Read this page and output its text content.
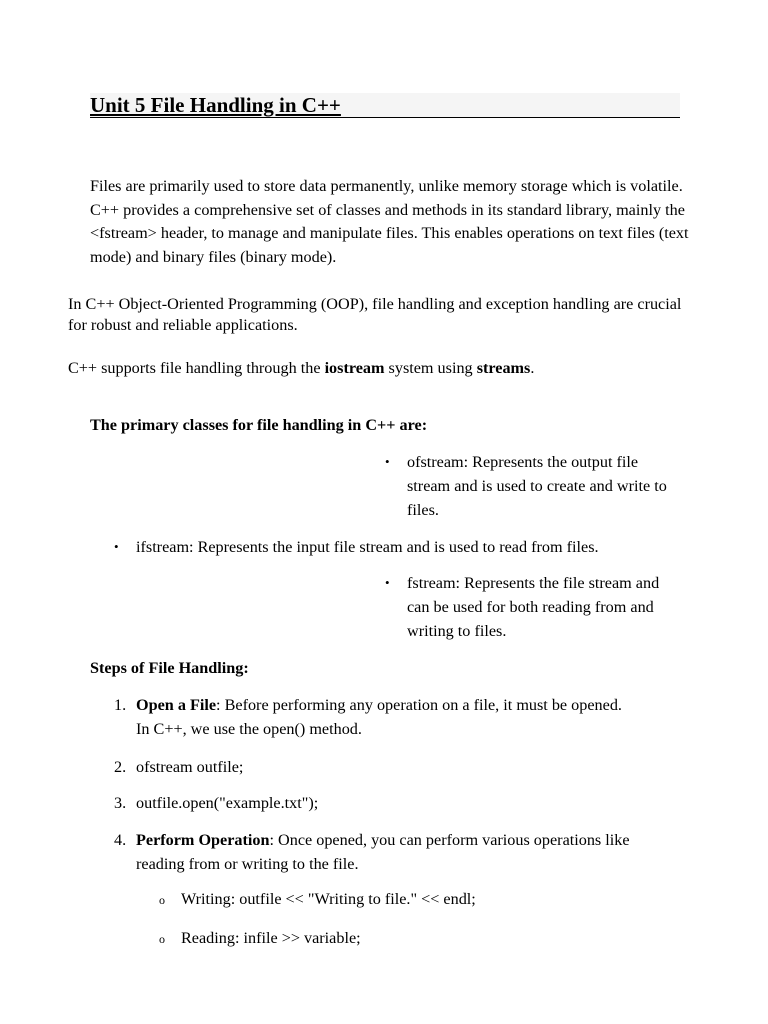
Unit 5 File Handling in C++

Files are primarily used to store data permanently, unlike memory storage which is volatile. C++ provides a comprehensive set of classes and methods in its standard library, mainly the <fstream> header, to manage and manipulate files. This enables operations on text files (text mode) and binary files (binary mode).

In C++ Object-Oriented Programming (OOP), file handling and exception handling are crucial for robust and reliable applications.

C++ supports file handling through the iostream system using streams.

The primary classes for file handling in C++ are:

• ofstream: Represents the output file stream and is used to create and write to files.
• ifstream: Represents the input file stream and is used to read from files.
• fstream: Represents the file stream and can be used for both reading from and writing to files.

Steps of File Handling:

1. Open a File: Before performing any operation on a file, it must be opened. In C++, we use the open() method.
2. ofstream outfile;
3. outfile.open("example.txt");
4. Perform Operation: Once opened, you can perform various operations like reading from or writing to the file.
o Writing: outfile << "Writing to file." << endl;
o Reading: infile >> variable;
